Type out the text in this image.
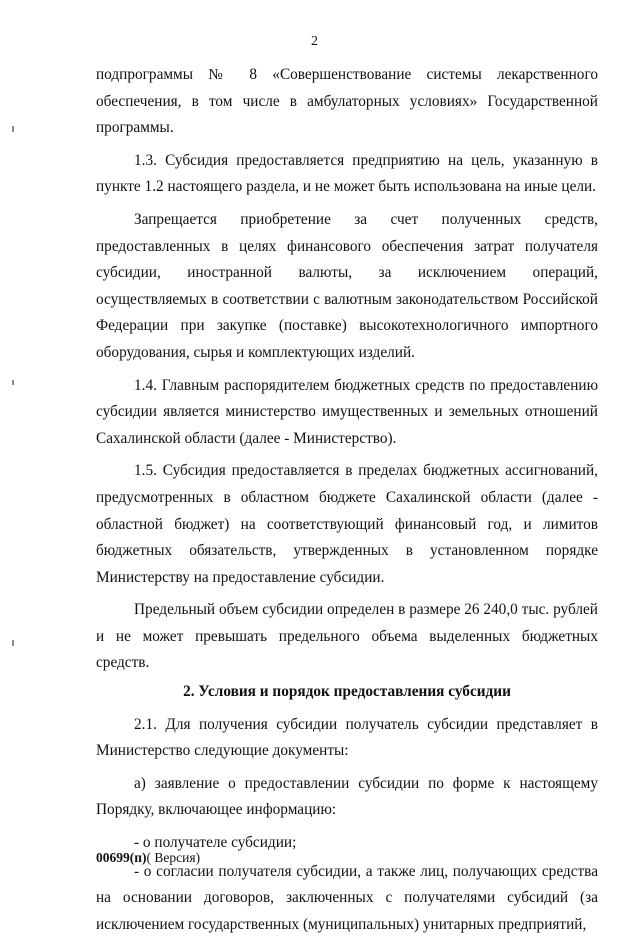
2

подпрограммы № 8 «Совершенствование системы лекарственного обеспечения, в том числе в амбулаторных условиях» Государственной программы.

1.3. Субсидия предоставляется предприятию на цель, указанную в пункте 1.2 настоящего раздела, и не может быть использована на иные цели.

Запрещается приобретение за счет полученных средств, предоставленных в целях финансового обеспечения затрат получателя субсидии, иностранной валюты, за исключением операций, осуществляемых в соответствии с валютным законодательством Российской Федерации при закупке (поставке) высокотехнологичного импортного оборудования, сырья и комплектующих изделий.

1.4. Главным распорядителем бюджетных средств по предоставлению субсидии является министерство имущественных и земельных отношений Сахалинской области (далее - Министерство).

1.5. Субсидия предоставляется в пределах бюджетных ассигнований, предусмотренных в областном бюджете Сахалинской области (далее - областной бюджет) на соответствующий финансовый год, и лимитов бюджетных обязательств, утвержденных в установленном порядке Министерству на предоставление субсидии.

Предельный объем субсидии определен в размере 26 240,0 тыс. рублей и не может превышать предельного объема выделенных бюджетных средств.

2. Условия и порядок предоставления субсидии

2.1. Для получения субсидии получатель субсидии представляет в Министерство следующие документы:

а) заявление о предоставлении субсидии по форме к настоящему Порядку, включающее информацию:

- о получателе субсидии;

- о согласии получателя субсидии, а также лиц, получающих средства на основании договоров, заключенных с получателями субсидий (за исключением государственных (муниципальных) унитарных предприятий,

00699(п)( Версия)
